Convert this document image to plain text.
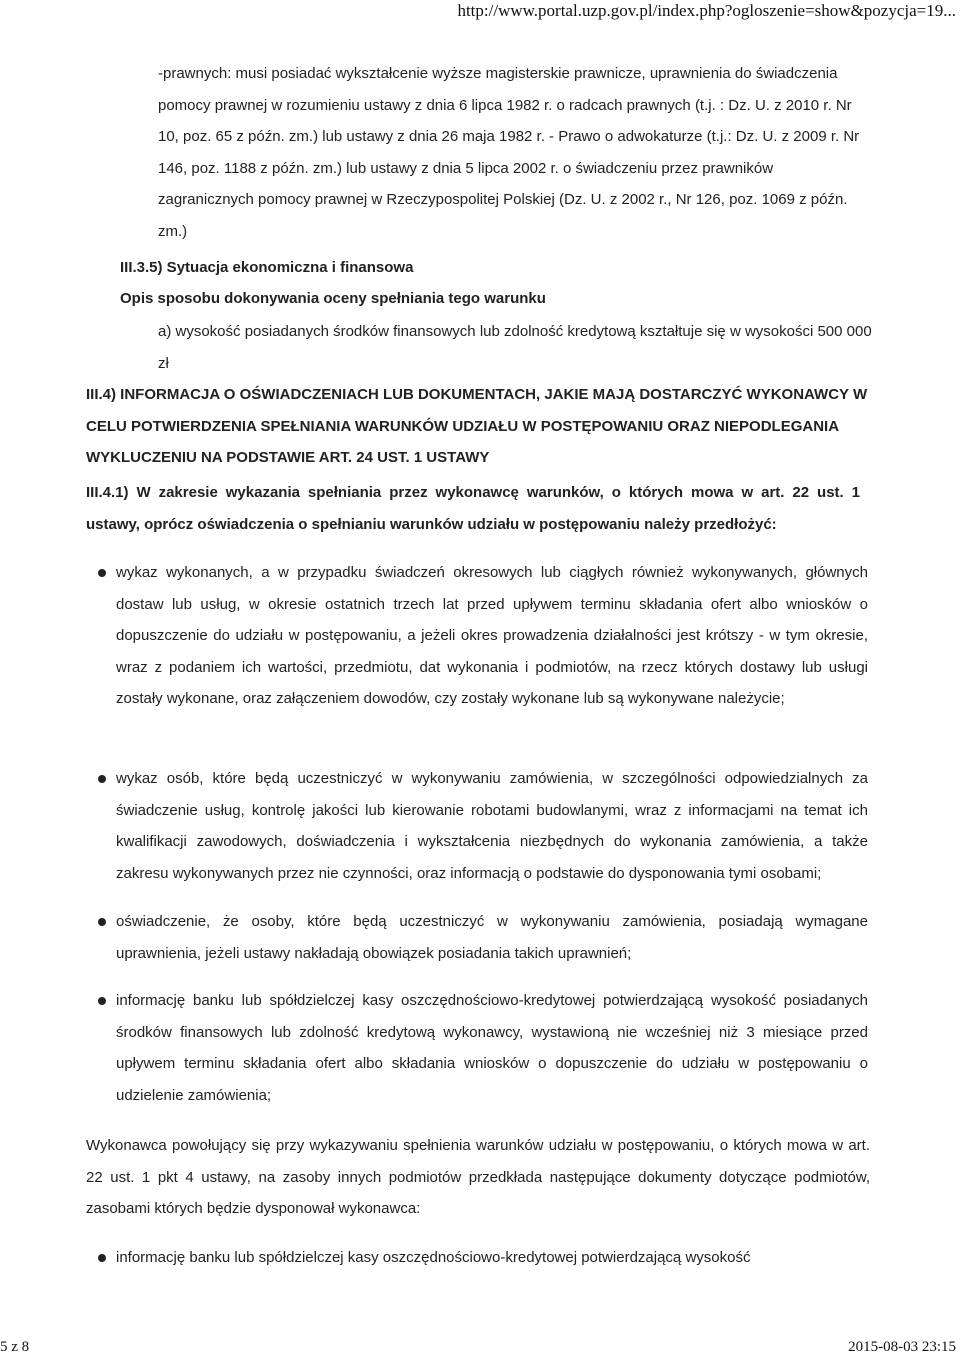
http://www.portal.uzp.gov.pl/index.php?ogloszenie=show&pozycja=19...

-prawnych: musi posiadać wykształcenie wyższe magisterskie prawnicze, uprawnienia do świadczenia pomocy prawnej w rozumieniu ustawy z dnia 6 lipca 1982 r. o radcach prawnych (t.j. : Dz. U. z 2010 r. Nr 10, poz. 65 z późn. zm.) lub ustawy z dnia 26 maja 1982 r. - Prawo o adwokaturze (t.j.: Dz. U. z 2009 r. Nr 146, poz. 1188 z późn. zm.) lub ustawy z dnia 5 lipca 2002 r. o świadczeniu przez prawników zagranicznych pomocy prawnej w Rzeczypospolitej Polskiej (Dz. U. z 2002 r., Nr 126, poz. 1069 z późn. zm.)

III.3.5) Sytuacja ekonomiczna i finansowa

Opis sposobu dokonywania oceny spełniania tego warunku

a) wysokość posiadanych środków finansowych lub zdolność kredytową kształtuje się w wysokości 500 000 zł

III.4) INFORMACJA O OŚWIADCZENIACH LUB DOKUMENTACH, JAKIE MAJĄ DOSTARCZYĆ WYKONAWCY W CELU POTWIERDZENIA SPEŁNIANIA WARUNKÓW UDZIAŁU W POSTĘPOWANIU ORAZ NIEPODLEGANIA WYKLUCZENIU NA PODSTAWIE ART. 24 UST. 1 USTAWY

III.4.1) W zakresie wykazania spełniania przez wykonawcę warunków, o których mowa w art. 22 ust. 1 ustawy, oprócz oświadczenia o spełnianiu warunków udziału w postępowaniu należy przedłożyć:

wykaz wykonanych, a w przypadku świadczeń okresowych lub ciągłych również wykonywanych, głównych dostaw lub usług, w okresie ostatnich trzech lat przed upływem terminu składania ofert albo wniosków o dopuszczenie do udziału w postępowaniu, a jeżeli okres prowadzenia działalności jest krótszy - w tym okresie, wraz z podaniem ich wartości, przedmiotu, dat wykonania i podmiotów, na rzecz których dostawy lub usługi zostały wykonane, oraz załączeniem dowodów, czy zostały wykonane lub są wykonywane należycie;

wykaz osób, które będą uczestniczyć w wykonywaniu zamówienia, w szczególności odpowiedzialnych za świadczenie usług, kontrolę jakości lub kierowanie robotami budowlanymi, wraz z informacjami na temat ich kwalifikacji zawodowych, doświadczenia i wykształcenia niezbędnych do wykonania zamówienia, a także zakresu wykonywanych przez nie czynności, oraz informacją o podstawie do dysponowania tymi osobami;

oświadczenie, że osoby, które będą uczestniczyć w wykonywaniu zamówienia, posiadają wymagane uprawnienia, jeżeli ustawy nakładają obowiązek posiadania takich uprawnień;

informację banku lub spółdzielczej kasy oszczędnościowo-kredytowej potwierdzającą wysokość posiadanych środków finansowych lub zdolność kredytową wykonawcy, wystawioną nie wcześniej niż 3 miesiące przed upływem terminu składania ofert albo składania wniosków o dopuszczenie do udziału w postępowaniu o udzielenie zamówienia;

Wykonawca powołujący się przy wykazywaniu spełnienia warunków udziału w postępowaniu, o których mowa w art. 22 ust. 1 pkt 4 ustawy, na zasoby innych podmiotów przedkłada następujące dokumenty dotyczące podmiotów, zasobami których będzie dysponował wykonawca:

informację banku lub spółdzielczej kasy oszczędnościowo-kredytowej potwierdzającą wysokość

5 z 8	2015-08-03 23:15
